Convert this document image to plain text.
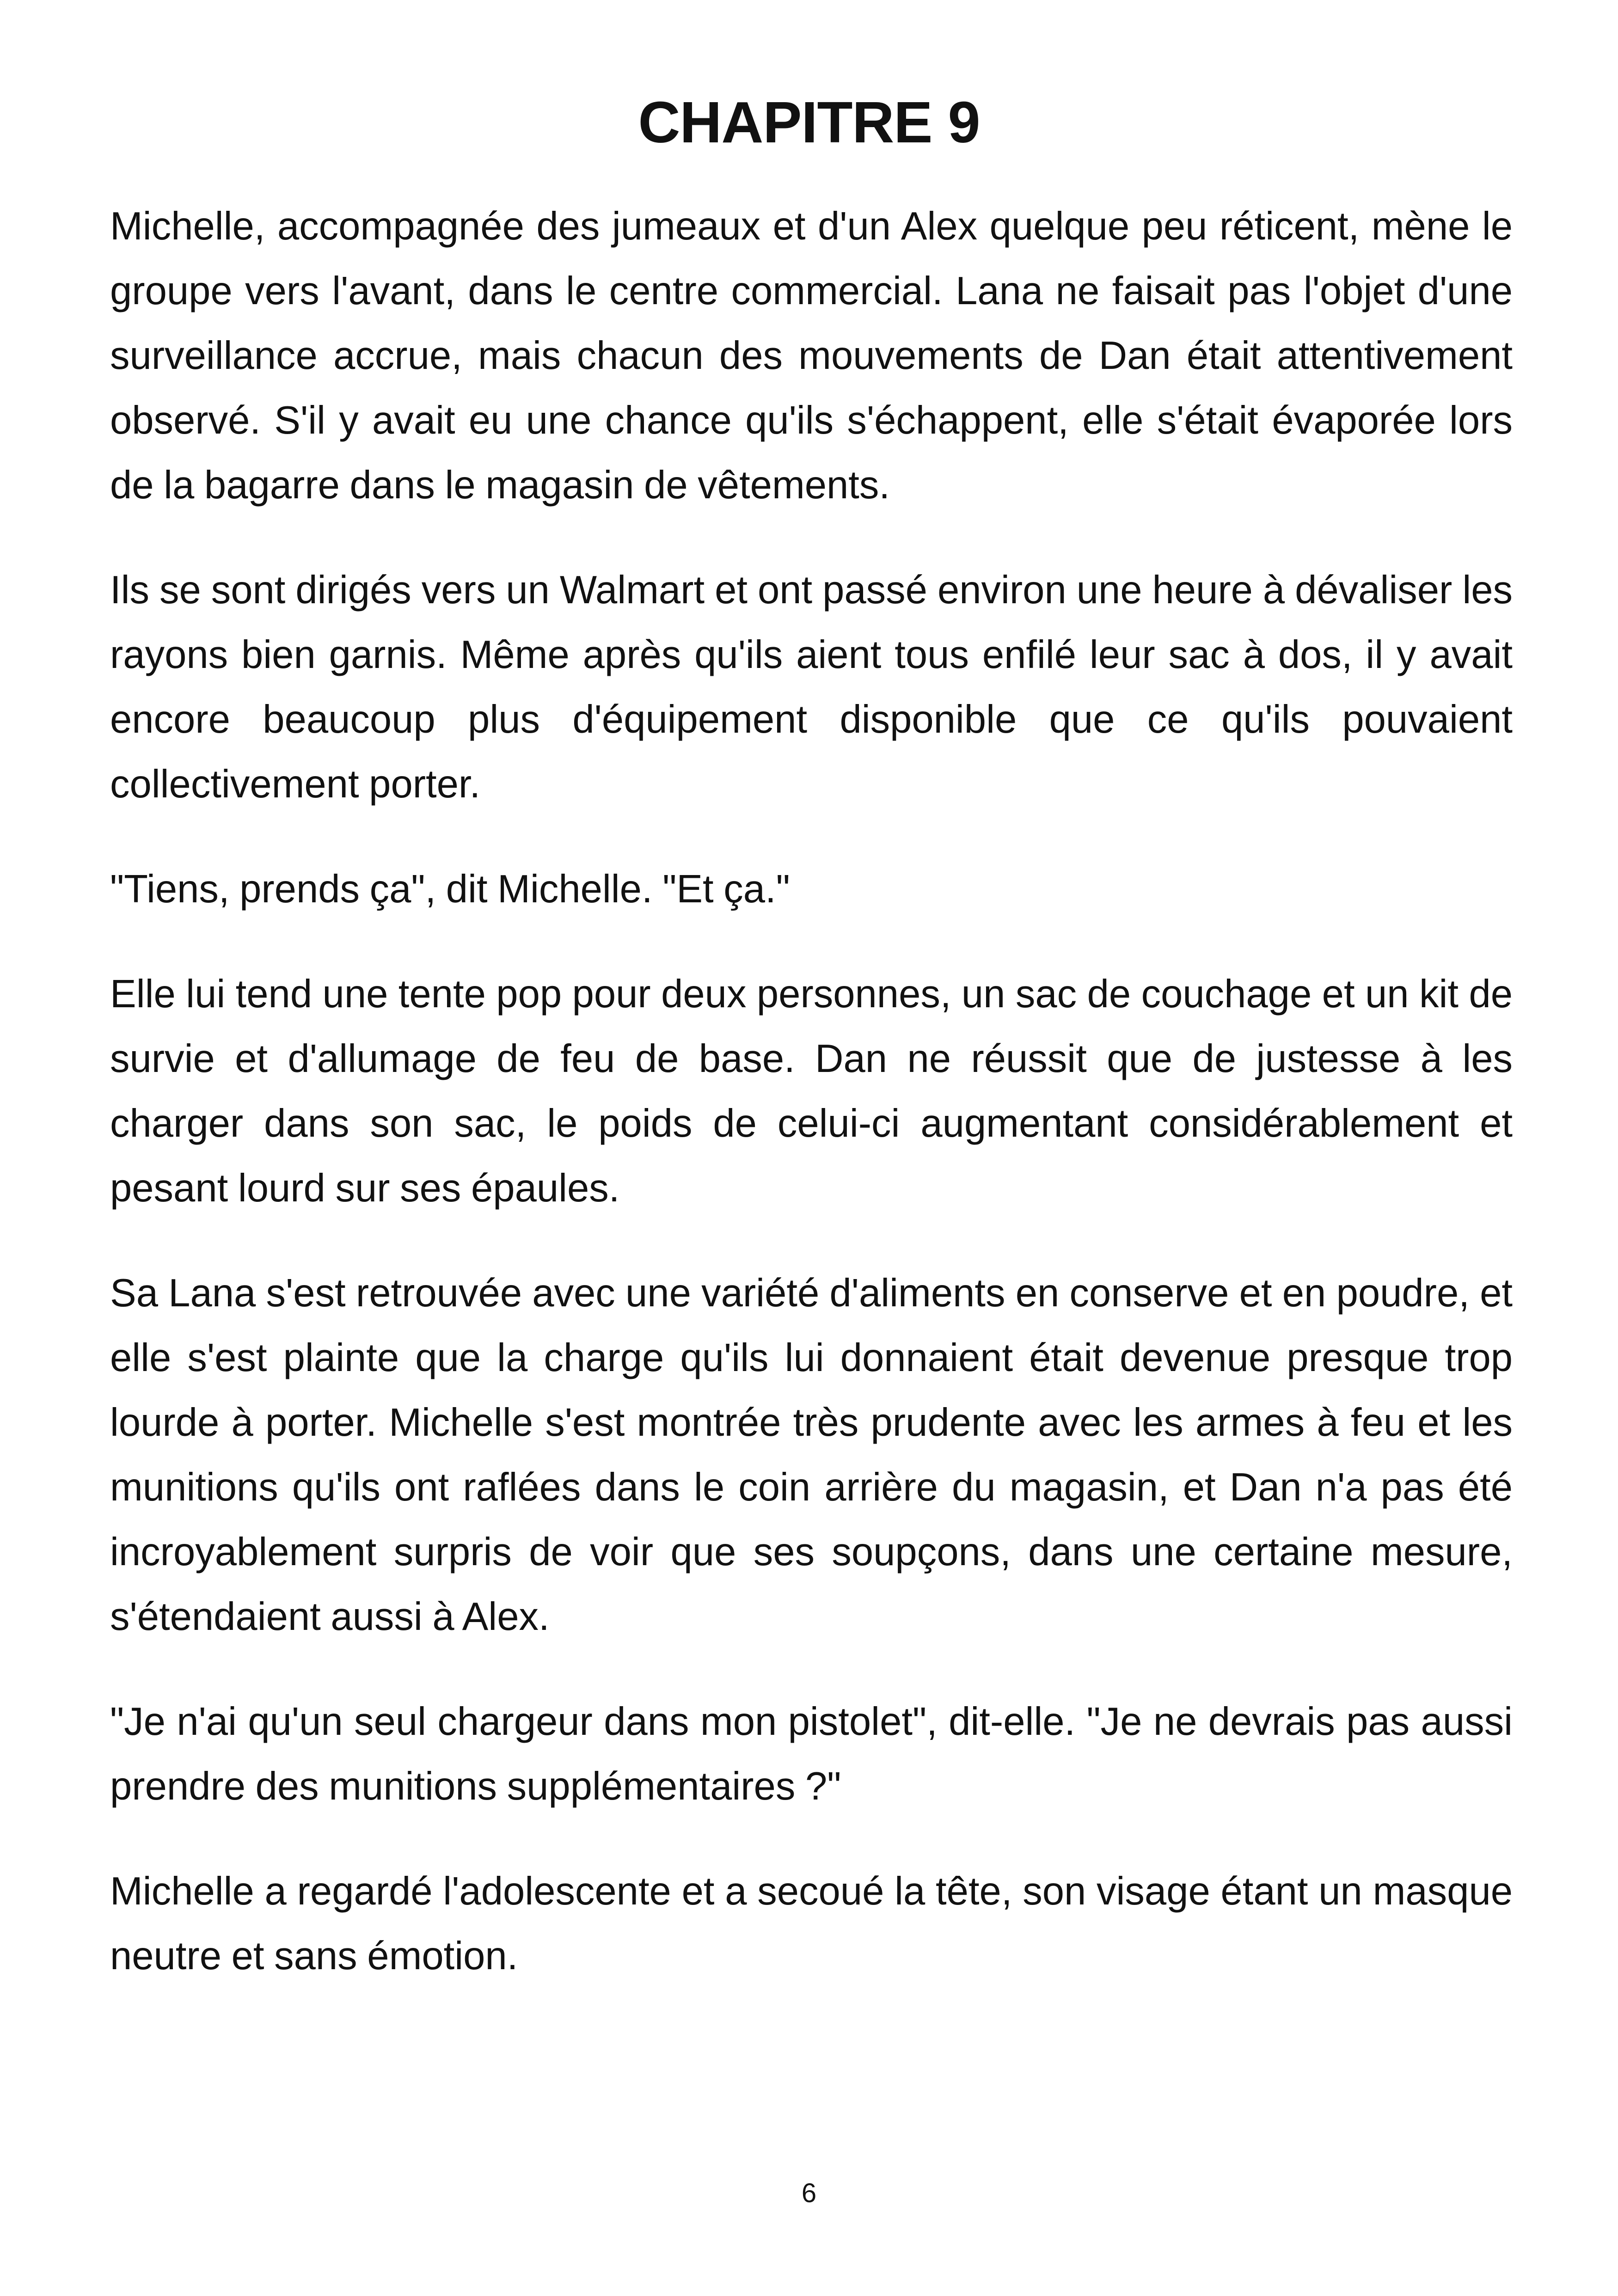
CHAPITRE 9

Michelle, accompagnée des jumeaux et d'un Alex quelque peu réticent, mène le groupe vers l'avant, dans le centre commercial. Lana ne faisait pas l'objet d'une surveillance accrue, mais chacun des mouvements de Dan était attentivement observé. S'il y avait eu une chance qu'ils s'échappent, elle s'était évaporée lors de la bagarre dans le magasin de vêtements.

Ils se sont dirigés vers un Walmart et ont passé environ une heure à dévaliser les rayons bien garnis. Même après qu'ils aient tous enfilé leur sac à dos, il y avait encore beaucoup plus d'équipement disponible que ce qu'ils pouvaient collectivement porter.

"Tiens, prends ça", dit Michelle. "Et ça."

Elle lui tend une tente pop pour deux personnes, un sac de couchage et un kit de survie et d'allumage de feu de base. Dan ne réussit que de justesse à les charger dans son sac, le poids de celui-ci augmentant considérablement et pesant lourd sur ses épaules.

Sa Lana s'est retrouvée avec une variété d'aliments en conserve et en poudre, et elle s'est plainte que la charge qu'ils lui donnaient était devenue presque trop lourde à porter. Michelle s'est montrée très prudente avec les armes à feu et les munitions qu'ils ont raflées dans le coin arrière du magasin, et Dan n'a pas été incroyablement surpris de voir que ses soupçons, dans une certaine mesure, s'étendaient aussi à Alex.

"Je n'ai qu'un seul chargeur dans mon pistolet", dit-elle. "Je ne devrais pas aussi prendre des munitions supplémentaires ?"

Michelle a regardé l'adolescente et a secoué la tête, son visage étant un masque neutre et sans émotion.

6
